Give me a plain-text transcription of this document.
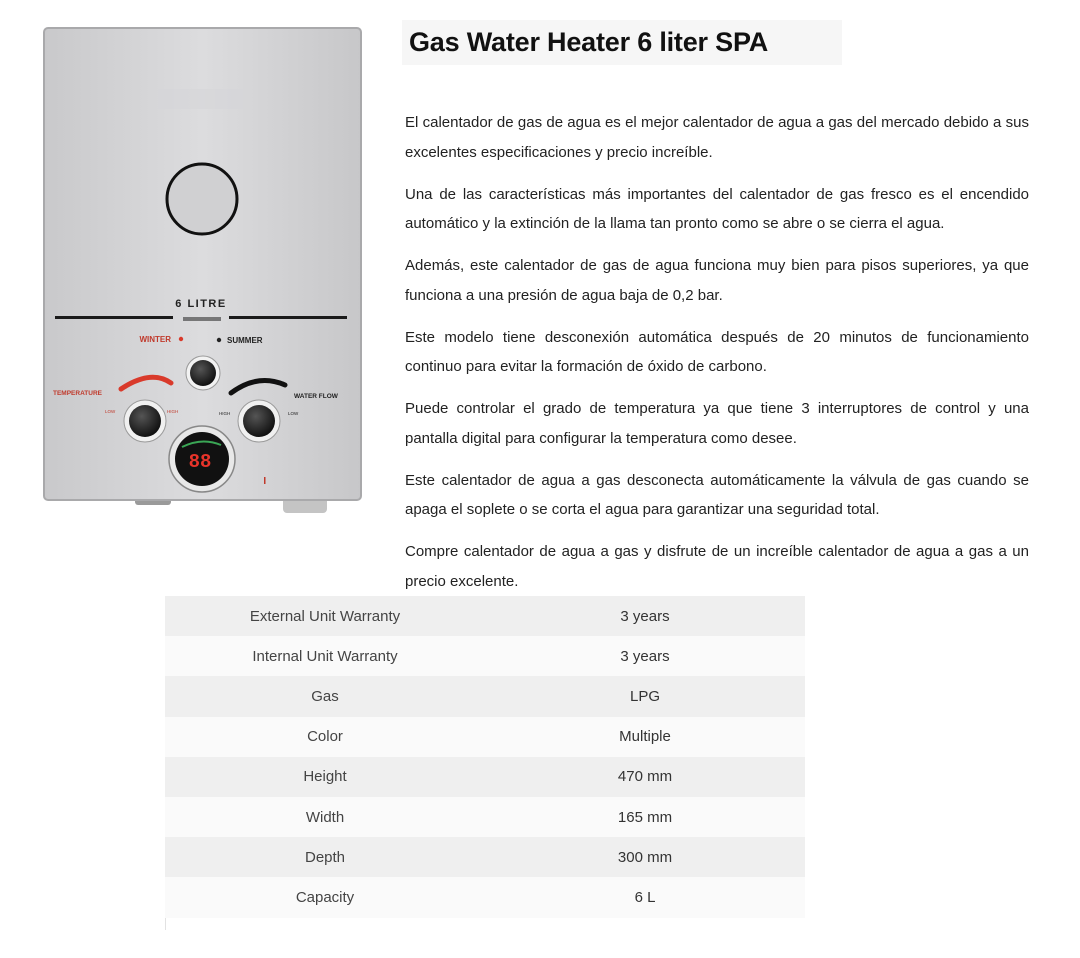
6 LITRE
WINTER	SUMMER
TEMPERATURE	WATER FLOW
LOW	HIGH	HIGH	LOW
88
Gas Water Heater 6 liter SPA

El calentador de gas de agua es el mejor calentador de agua a gas del mercado debido a sus excelentes especificaciones y precio increíble.

Una de las características más importantes del calentador de gas fresco es el encendido automático y la extinción de la llama tan pronto como se abre o se cierra el agua.

Además, este calentador de gas de agua funciona muy bien para pisos superiores, ya que funciona a una presión de agua baja de 0,2 bar.

Este modelo tiene desconexión automática después de 20 minutos de funcionamiento continuo para evitar la formación de óxido de carbono.

Puede controlar el grado de temperatura ya que tiene 3 interruptores de control y una pantalla digital para configurar la temperatura como desee.

Este calentador de agua a gas desconecta automáticamente la válvula de gas cuando se apaga el soplete o se corta el agua para garantizar una seguridad total.

Compre calentador de agua a gas y disfrute de un increíble calentador de agua a gas a un precio excelente.

External Unit Warranty	3 years
Internal Unit Warranty	3 years
Gas	LPG
Color	Multiple
Height	470 mm
Width	165 mm
Depth	300 mm
Capacity	6 L
